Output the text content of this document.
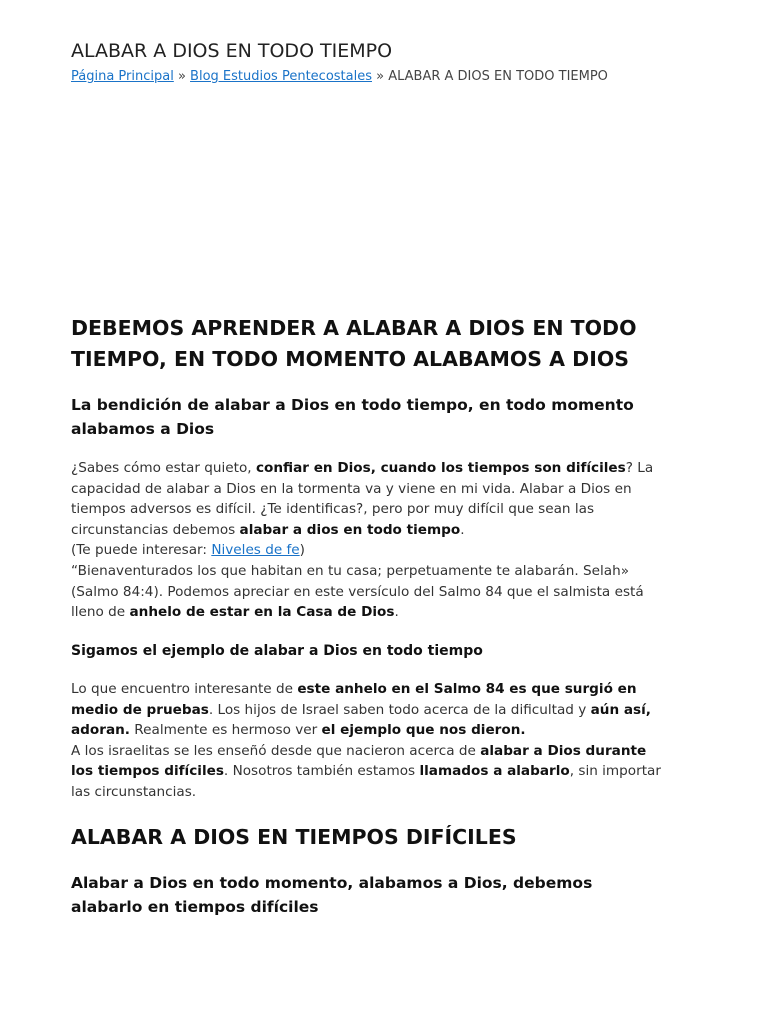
ALABAR A DIOS EN TODO TIEMPO
Página Principal » Blog Estudios Pentecostales » ALABAR A DIOS EN TODO TIEMPO
DEBEMOS APRENDER A ALABAR A DIOS EN TODO TIEMPO, EN TODO MOMENTO ALABAMOS A DIOS
La bendición de alabar a Dios en todo tiempo, en todo momento alabamos a Dios

¿Sabes cómo estar quieto, confiar en Dios, cuando los tiempos son difíciles? La capacidad de alabar a Dios en la tormenta va y viene en mi vida. Alabar a Dios en tiempos adversos es difícil. ¿Te identificas?, pero por muy difícil que sean las circunstancias debemos alabar a dios en todo tiempo.
(Te puede interesar: Niveles de fe)
“Bienaventurados los que habitan en tu casa; perpetuamente te alabarán. Selah» (Salmo 84:4). Podemos apreciar en este versículo del Salmo 84 que el salmista está lleno de anhelo de estar en la Casa de Dios.

Sigamos el ejemplo de alabar a Dios en todo tiempo

Lo que encuentro interesante de este anhelo en el Salmo 84 es que surgió en medio de pruebas. Los hijos de Israel saben todo acerca de la dificultad y aún así, adoran. Realmente es hermoso ver el ejemplo que nos dieron.
A los israelitas se les enseñó desde que nacieron acerca de alabar a Dios durante los tiempos difíciles. Nosotros también estamos llamados a alabarlo, sin importar las circunstancias.

ALABAR A DIOS EN TIEMPOS DIFÍCILES
Alabar a Dios en todo momento, alabamos a Dios, debemos alabarlo en tiempos difíciles
